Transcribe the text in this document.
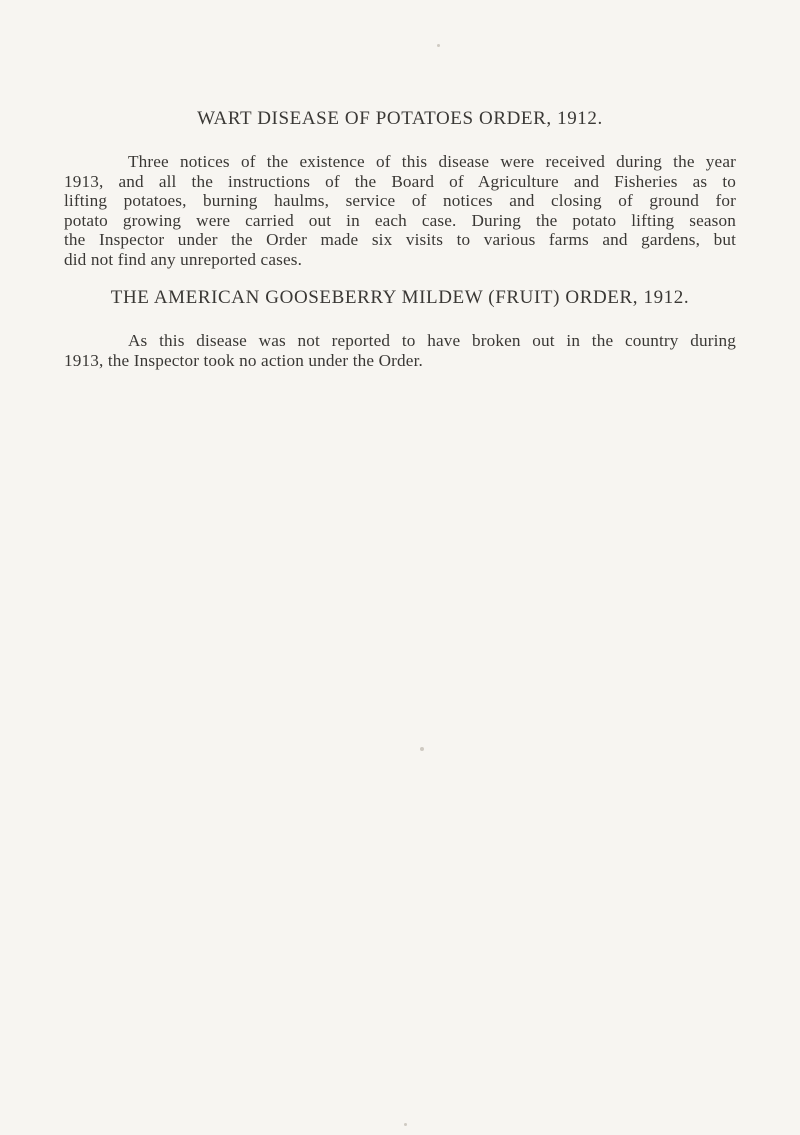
WART DISEASE OF POTATOES ORDER, 1912.
Three notices of the existence of this disease were received during the year
1913, and all the instructions of the Board of Agriculture and Fisheries as to
lifting potatoes, burning haulms, service of notices and closing of ground for
potato growing were carried out in each case. During the potato lifting season
the Inspector under the Order made six visits to various farms and gardens, but
did not find any unreported cases.
THE AMERICAN GOOSEBERRY MILDEW (FRUIT) ORDER, 1912.
As this disease was not reported to have broken out in the country during
1913, the Inspector took no action under the Order.
